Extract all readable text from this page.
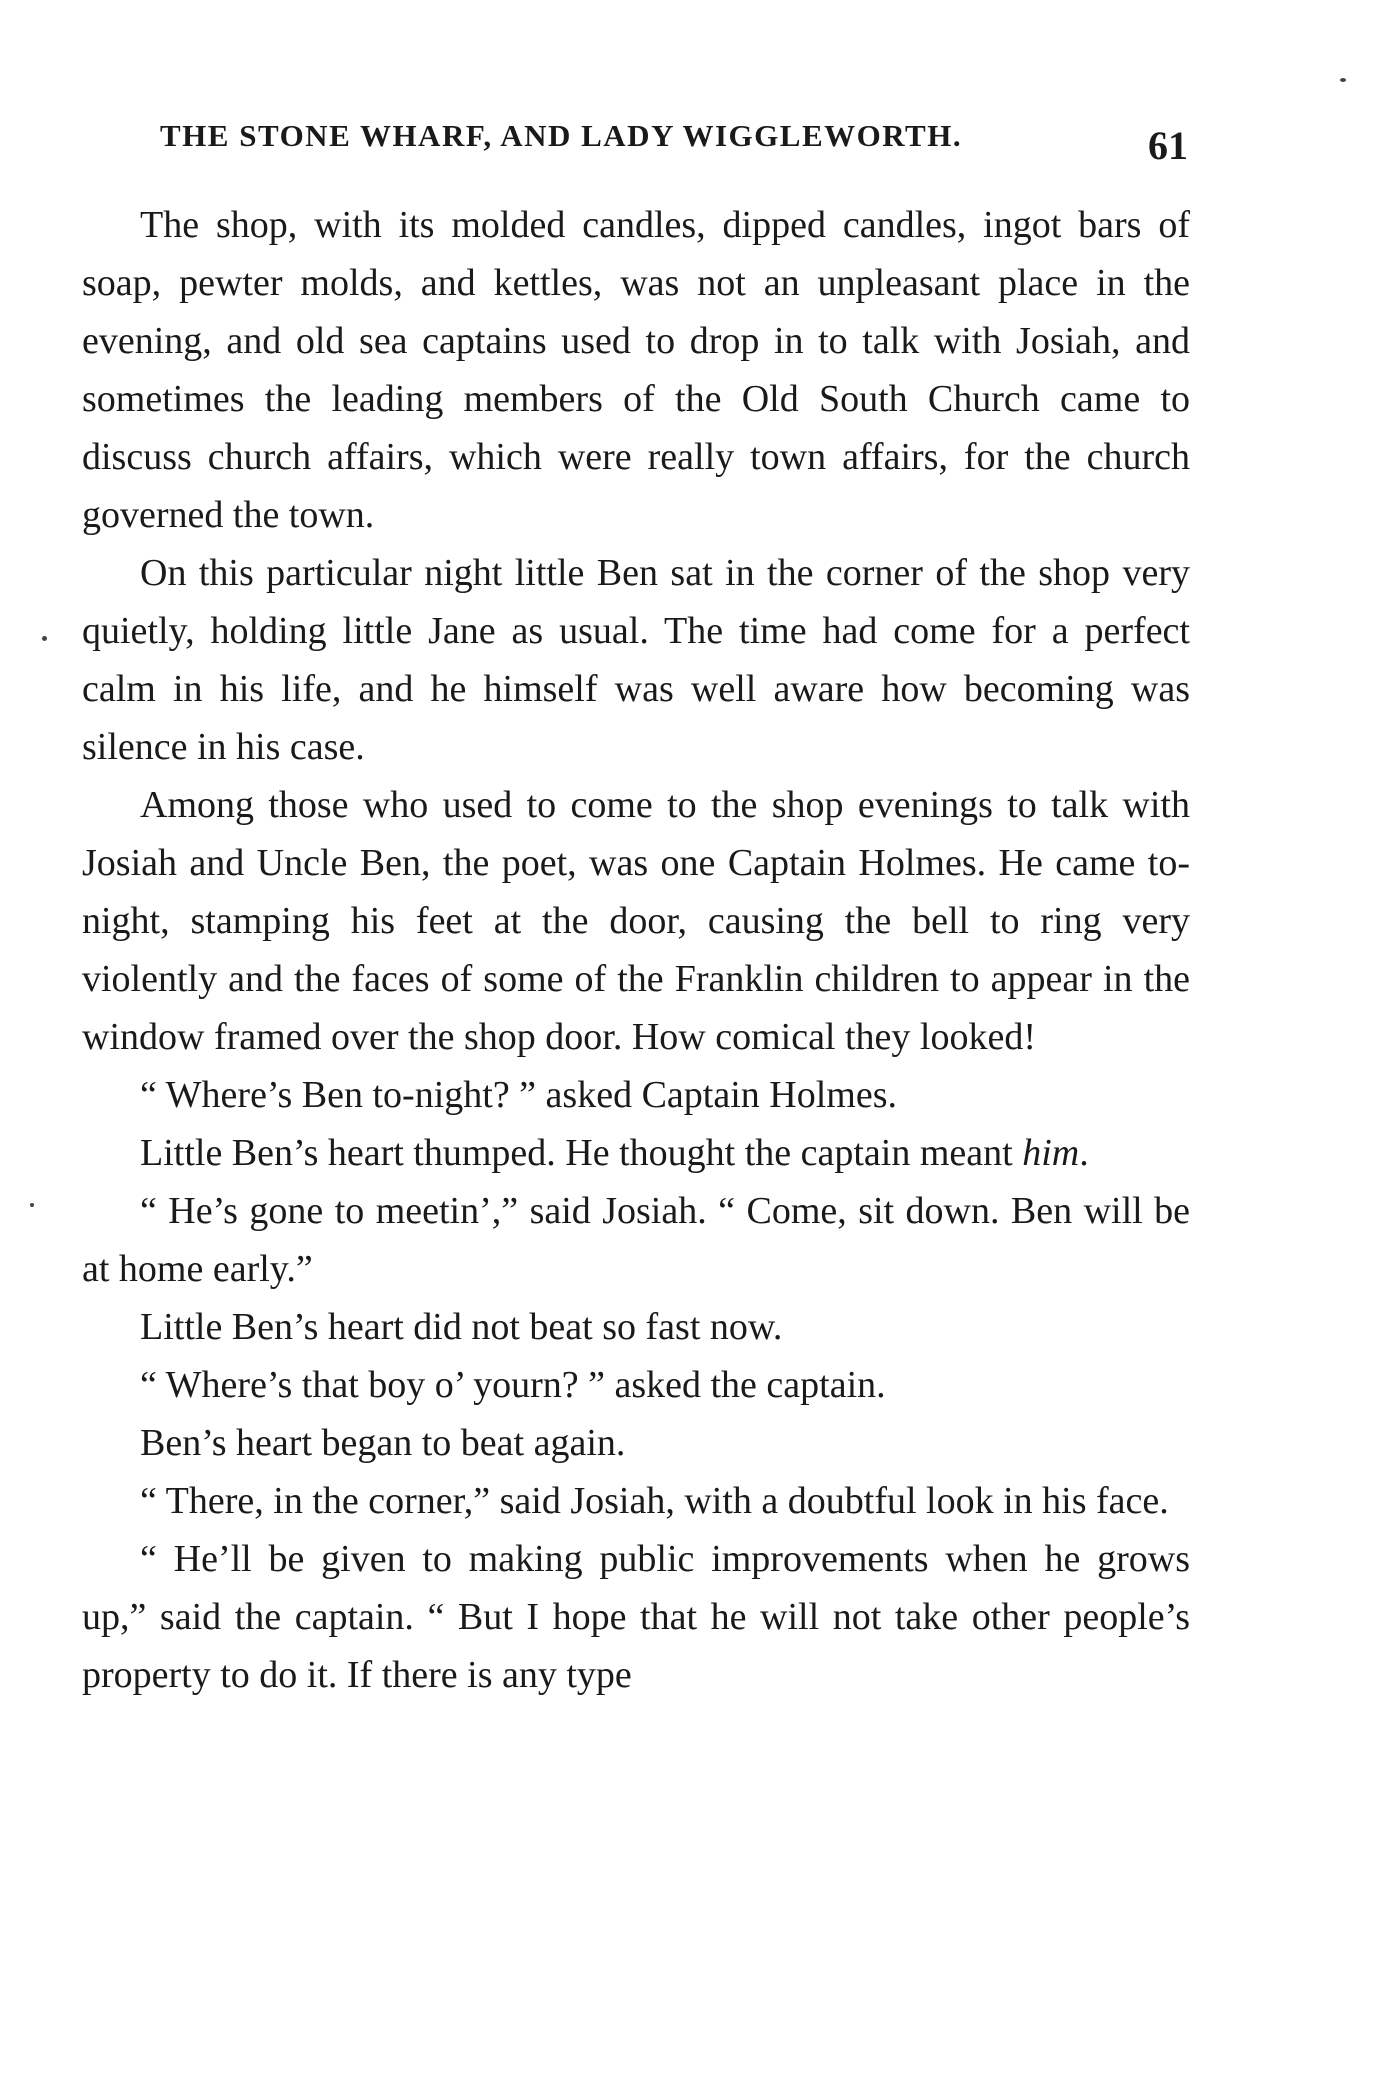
THE STONE WHARF, AND LADY WIGGLEWORTH.	61

The shop, with its molded candles, dipped candles, ingot bars of soap, pewter molds, and kettles, was not an unpleasant place in the evening, and old sea captains used to drop in to talk with Josiah, and sometimes the leading members of the Old South Church came to discuss church affairs, which were really town affairs, for the church governed the town.

On this particular night little Ben sat in the corner of the shop very quietly, holding little Jane as usual. The time had come for a perfect calm in his life, and he himself was well aware how becoming was silence in his case.

Among those who used to come to the shop evenings to talk with Josiah and Uncle Ben, the poet, was one Captain Holmes. He came to-night, stamping his feet at the door, causing the bell to ring very violently and the faces of some of the Franklin children to appear in the window framed over the shop door. How comical they looked!

“ Where’s Ben to-night? ” asked Captain Holmes.

Little Ben’s heart thumped. He thought the captain meant him.

“ He’s gone to meetin’,” said Josiah. “ Come, sit down. Ben will be at home early.”

Little Ben’s heart did not beat so fast now.

“ Where’s that boy o’ yourn? ” asked the captain.

Ben’s heart began to beat again.

“ There, in the corner,” said Josiah, with a doubtful look in his face.

“ He’ll be given to making public improvements when he grows up,” said the captain. “ But I hope that he will not take other people’s property to do it. If there is any type
